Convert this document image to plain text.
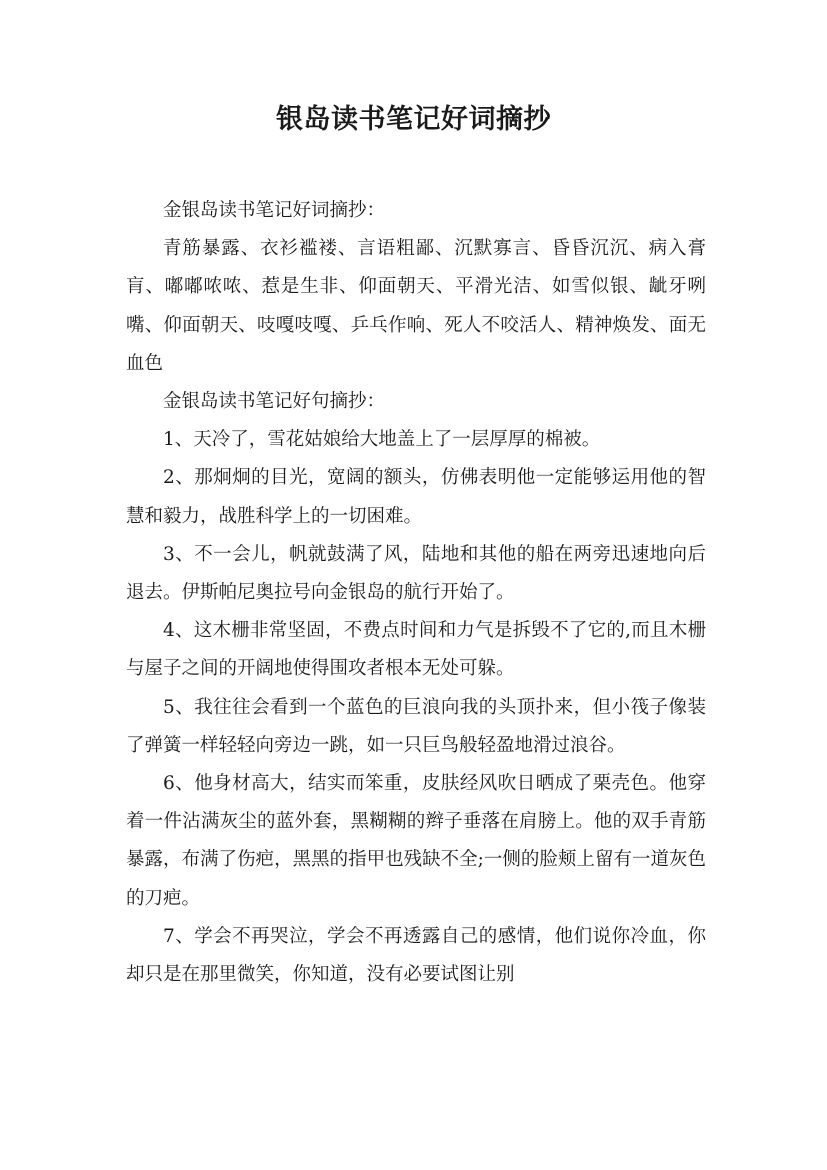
银岛读书笔记好词摘抄

金银岛读书笔记好词摘抄：

青筋暴露、衣衫褴褛、言语粗鄙、沉默寡言、昏昏沉沉、病入膏肓、嘟嘟哝哝、惹是生非、仰面朝天、平滑光洁、如雪似银、龇牙咧嘴、仰面朝天、吱嘎吱嘎、乒乓作响、死人不咬活人、精神焕发、面无血色

金银岛读书笔记好句摘抄：

1、天冷了，雪花姑娘给大地盖上了一层厚厚的棉被。

2、那炯炯的目光，宽阔的额头，仿佛表明他一定能够运用他的智慧和毅力，战胜科学上的一切困难。

3、不一会儿，帆就鼓满了风，陆地和其他的船在两旁迅速地向后退去。伊斯帕尼奥拉号向金银岛的航行开始了。

4、这木栅非常坚固，不费点时间和力气是拆毁不了它的,而且木栅与屋子之间的开阔地使得围攻者根本无处可躲。

5、我往往会看到一个蓝色的巨浪向我的头顶扑来，但小筏子像装了弹簧一样轻轻向旁边一跳，如一只巨鸟般轻盈地滑过浪谷。

6、他身材高大，结实而笨重，皮肤经风吹日晒成了栗壳色。他穿着一件沾满灰尘的蓝外套，黑糊糊的辫子垂落在肩膀上。他的双手青筋暴露，布满了伤疤，黑黑的指甲也残缺不全;一侧的脸颊上留有一道灰色的刀疤。

7、学会不再哭泣，学会不再透露自己的感情，他们说你冷血，你却只是在那里微笑，你知道，没有必要试图让别
